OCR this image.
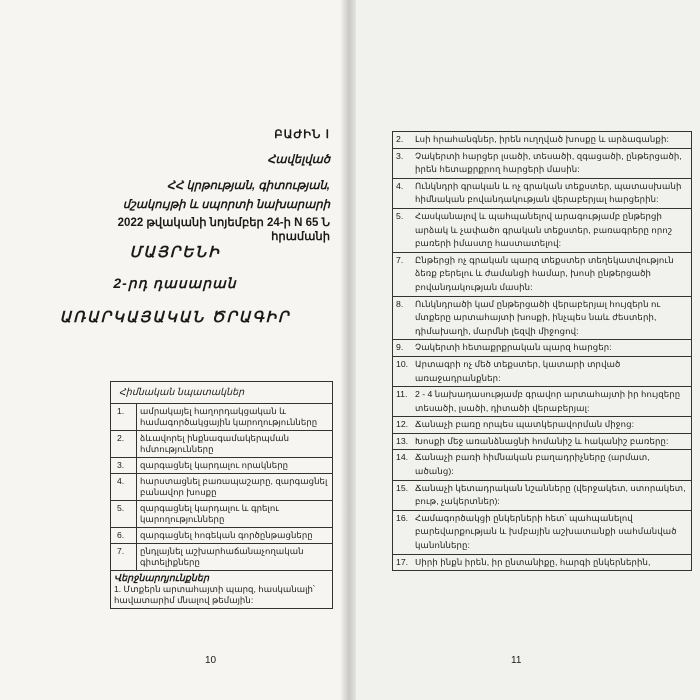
ԲԱԺԻՆ Ⅰ
Հավելված
ՀՀ կրթության, գիտության,
մշակույթի և սպորտի նախարարի
2022 թվականի նոյեմբեր 24-ի N 65 Ն հրամանի
ՄԱՅՐԵՆԻ
2-րդ դասարան
ԱՌԱՐԿԱՅԱԿԱՆ ԾՐԱԳԻՐ
Հիմնական նպատակներ	
1.	ամրակայել հաղորդակցական և համագործակցային կարողությունները
2.	ձևավորել ինքնագամակերպման հմտությունները
3.	զարգացնել կարդալու որակները
4.	հարստացնել բառապաշարը, զարգացնել բանավոր խոսքը
5.	զարգացնել կարդալու և գրելու կարողությունները
6.	զարգացնել հոգեկան գործընթացները
7.	ընդլայնել աշխարհաճանաչողական գիտելիքները

Վերջնարդյունքներ
1. Մտքերն արտահայտի պարզ, հասկանալի՝ հավատարիմ մնալով թեմային:	
10
2.	Լսի հրահանգներ, իրեն ուղղված խոսքը և արձագանքի:
3.	Չակերտի հարցեր լսածի, տեսածի, զգացածի, ընթերցածի, իրեն հետաքրքրող հարցերի մասին:
4.	Ունկնդրի գրական և ոչ գրական տեքստեր, պատասխանի հիմնական բովանդակության վերաբերյալ հարցերին:
5.	Հասկանալով և պահպանելով արագությամբ ընթերցի արձակ և չափածո գրական տեքստեր, բառագրերը որոշ բառերի իմաստը հաստատելով:
7.	Ընթերցի ոչ գրական պարզ տեքստեր տեղեկատվություն ձեռք բերելու և ժամանցի համար, խոսի ընթերցածի բովանդակության մասին:
8.	Ունկնդրածի կամ ընթերցածի վերաբերյալ հույզերն ու մտքերը արտահայտի խոսքի, ինչպես նաև ժեստերի, դիմախաղի, մարմնի լեզվի միջոցով:
9.	Չակերտի հետաքրքրական պարզ հարցեր:
10.	Արտագրի ոչ մեծ տեքստեր, կատարի տրված առաջադրանքներ:
11.	2 - 4 նախադասությամբ գրավոր արտահայտի իր հույզերը տեսածի, լսածի, դիտածի վերաբերյալ:
12.	Ճանաչի բառը որպես պատկերավորման միջոց:
13.	Խոսքի մեջ առանձնացնի հոմանիշ և հականիշ բառերը:
14.	Ճանաչի բառի հիմնական բաղադրիչները (արմատ, ածանց):
15.	Ճանաչի կետադրական նշանները (վերջակետ, ստորակետ, բութ, չակերտներ):
16.	Համագործակցի ընկերների հետ՝ պահպանելով բարեվարքության և խմբային աշխատանքի սահմանված կանոնները:
17.	Սիրի ինքն իրեն, իր ընտանիքը, հարգի ընկերներին,
11
